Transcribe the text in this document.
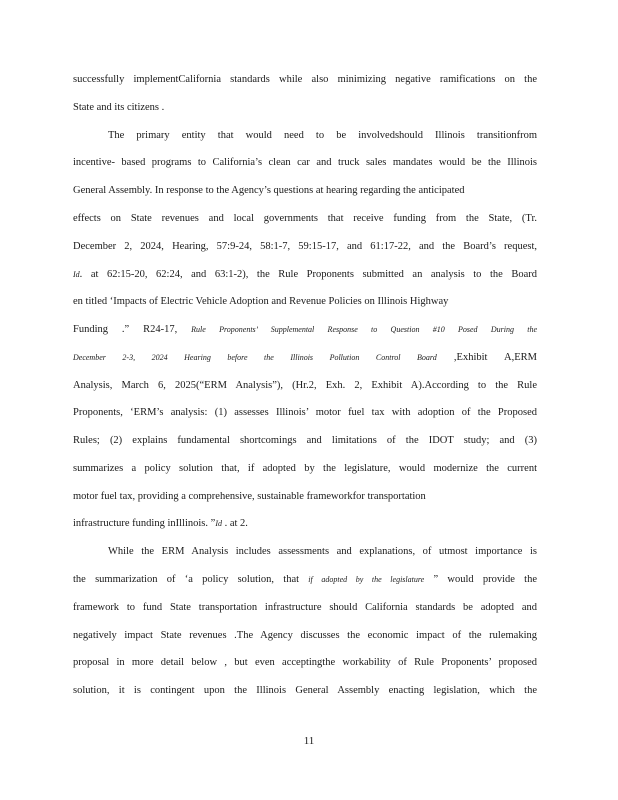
successfully implementCalifornia standards while also minimizing negative ramifications on the
State and its citizens .
The primary entity that would need to be involvedshould Illinois transitionfrom
incentive- based programs to California’s clean car and truck sales mandates would be the Illinois
General Assembly. In response to the Agency’s questions at hearing regarding the anticipated
effects on State revenues and local governments that receive funding from the State, (Tr.
December 2, 2024, Hearing, 57:9-24, 58:1-7, 59:15-17, and 61:17-22, and the Board’s request,
Id. at 62:15-20, 62:24, and 63:1-2), the Rule Proponents submitted an analysis to the Board
en titled ‘Impacts of Electric Vehicle Adoption and Revenue Policies on Illinois Highway
Funding .” R24-17, Rule Proponents’ Supplemental Response to Question #10 Posed During the
December 2-3, 2024 Hearing before the Illinois Pollution Control Board ,Exhibit A,ERM
Analysis, March 6, 2025(“ERM Analysis”), (Hr.2, Exh. 2, Exhibit A).According to the Rule
Proponents, ‘ERM’s analysis: (1) assesses Illinois’ motor fuel tax with adoption of the Proposed
Rules; (2) explains fundamental shortcomings and limitations of the IDOT study; and (3)
summarizes a policy solution that, if adopted by the legislature, would modernize the current
motor fuel tax, providing a comprehensive, sustainable frameworkfor transportation
infrastructure funding inIllinois. ”Id . at 2.
While the ERM Analysis includes assessments and explanations, of utmost importance is
the summarization of ‘a policy solution, that if adopted by the legislature ” would provide the
framework to fund State transportation infrastructure should California standards be adopted and
negatively impact State revenues .The Agency discusses the economic impact of the rulemaking
proposal in more detail below , but even acceptingthe workability of Rule Proponents’ proposed
solution, it is contingent upon the Illinois General Assembly enacting legislation, which the
11
